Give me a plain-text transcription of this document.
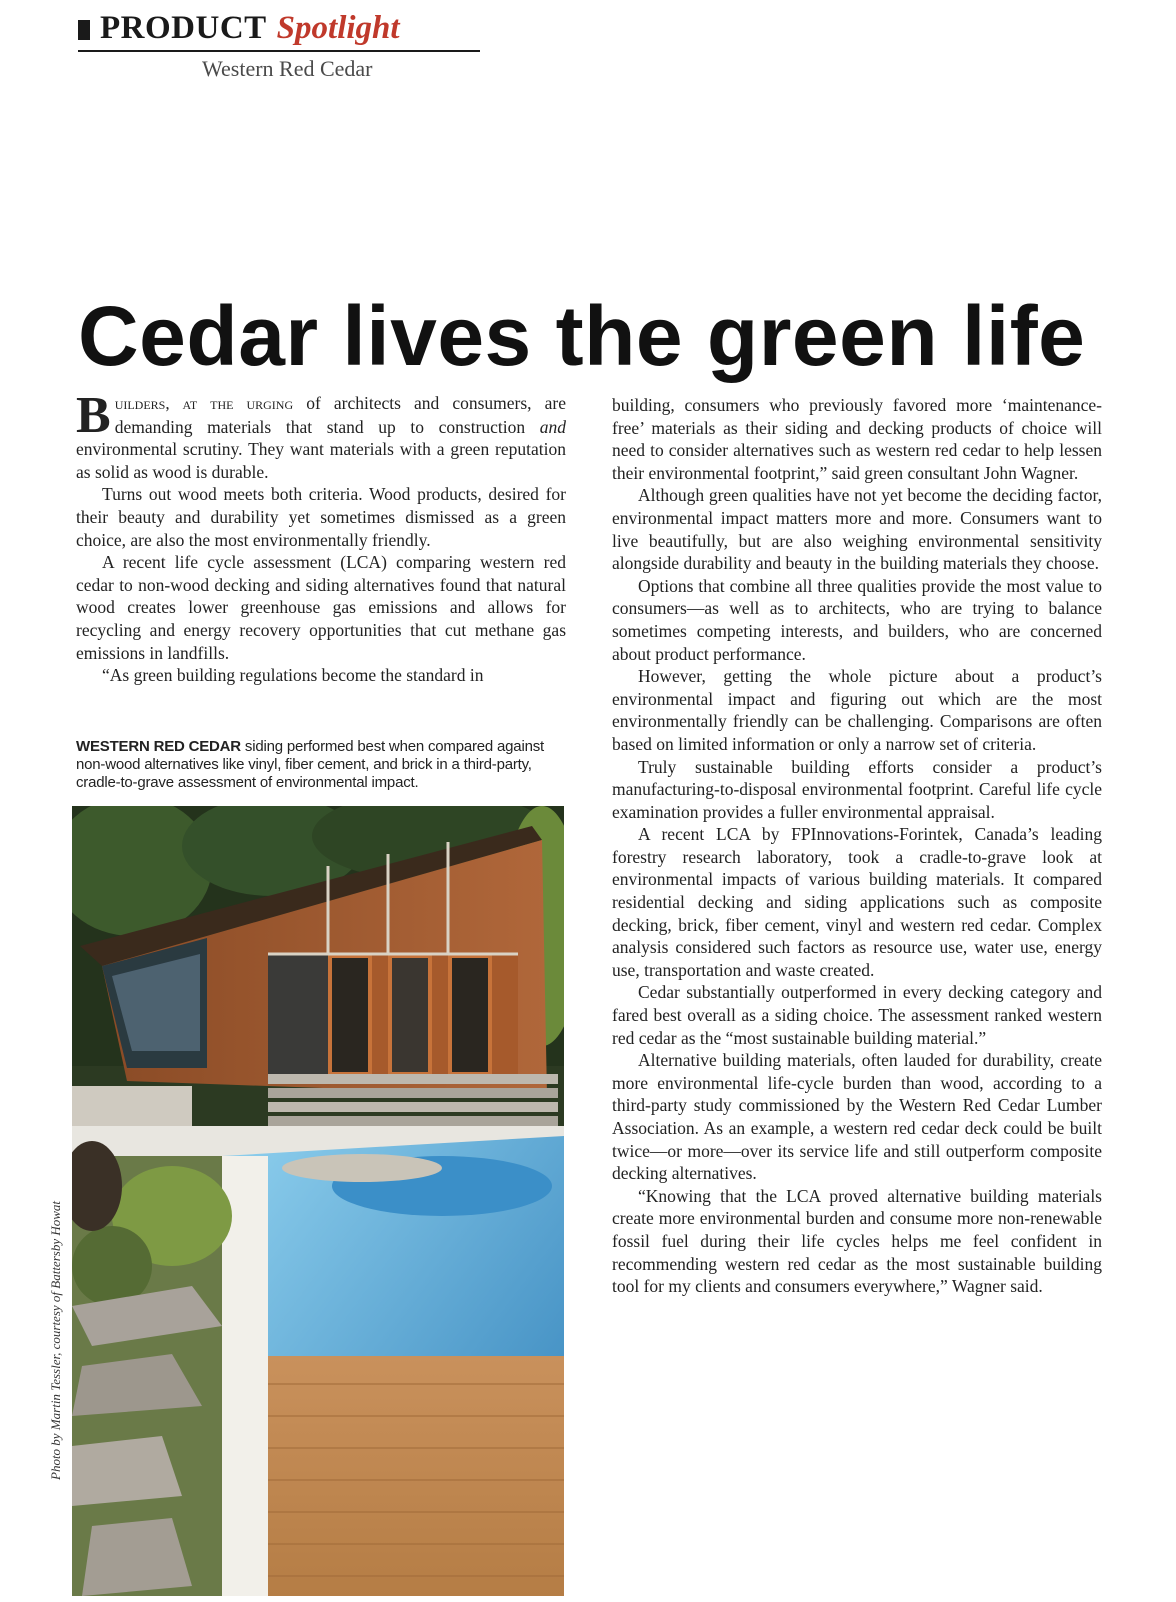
PRODUCT Spotlight
Western Red Cedar
Cedar lives the green life

Builders, at the urging of architects and consumers, are demanding materials that stand up to construction and environmental scrutiny. They want materials with a green reputation as solid as wood is durable.

Turns out wood meets both criteria. Wood products, desired for their beauty and durability yet sometimes dismissed as a green choice, are also the most environmentally friendly.

A recent life cycle assessment (LCA) comparing western red cedar to non-wood decking and siding alternatives found that natural wood creates lower greenhouse gas emissions and allows for recycling and energy recovery opportunities that cut methane gas emissions in landfills.

“As green building regulations become the standard in

WESTERN RED CEDAR siding performed best when compared against non-wood alternatives like vinyl, fiber cement, and brick in a third-party, cradle-to-grave assessment of environmental impact.
Photo by Martin Tessler, courtesy of Battersby Howat

building, consumers who previously favored more ‘maintenance-free’ materials as their siding and decking products of choice will need to consider alternatives such as western red cedar to help lessen their environmental footprint,” said green consultant John Wagner.

Although green qualities have not yet become the deciding factor, environmental impact matters more and more. Consumers want to live beautifully, but are also weighing environmental sensitivity alongside durability and beauty in the building materials they choose.

Options that combine all three qualities provide the most value to consumers—as well as to architects, who are trying to balance sometimes competing interests, and builders, who are concerned about product performance.

However, getting the whole picture about a product’s environmental impact and figuring out which are the most environmentally friendly can be challenging. Comparisons are often based on limited information or only a narrow set of criteria.

Truly sustainable building efforts consider a product’s manufacturing-to-disposal environmental footprint. Careful life cycle examination provides a fuller environmental appraisal.

A recent LCA by FPInnovations-Forintek, Canada’s leading forestry research laboratory, took a cradle-to-grave look at environmental impacts of various building materials. It compared residential decking and siding applications such as composite decking, brick, fiber cement, vinyl and western red cedar. Complex analysis considered such factors as resource use, water use, energy use, transportation and waste created.

Cedar substantially outperformed in every decking category and fared best overall as a siding choice. The assessment ranked western red cedar as the “most sustainable building material.”

Alternative building materials, often lauded for durability, create more environmental life-cycle burden than wood, according to a third-party study commissioned by the Western Red Cedar Lumber Association. As an example, a western red cedar deck could be built twice—or more—over its service life and still outperform composite decking alternatives.

“Knowing that the LCA proved alternative building materials create more environmental burden and consume more non-renewable fossil fuel during their life cycles helps me feel confident in recommending western red cedar as the most sustainable building tool for my clients and consumers everywhere,” Wagner said.
